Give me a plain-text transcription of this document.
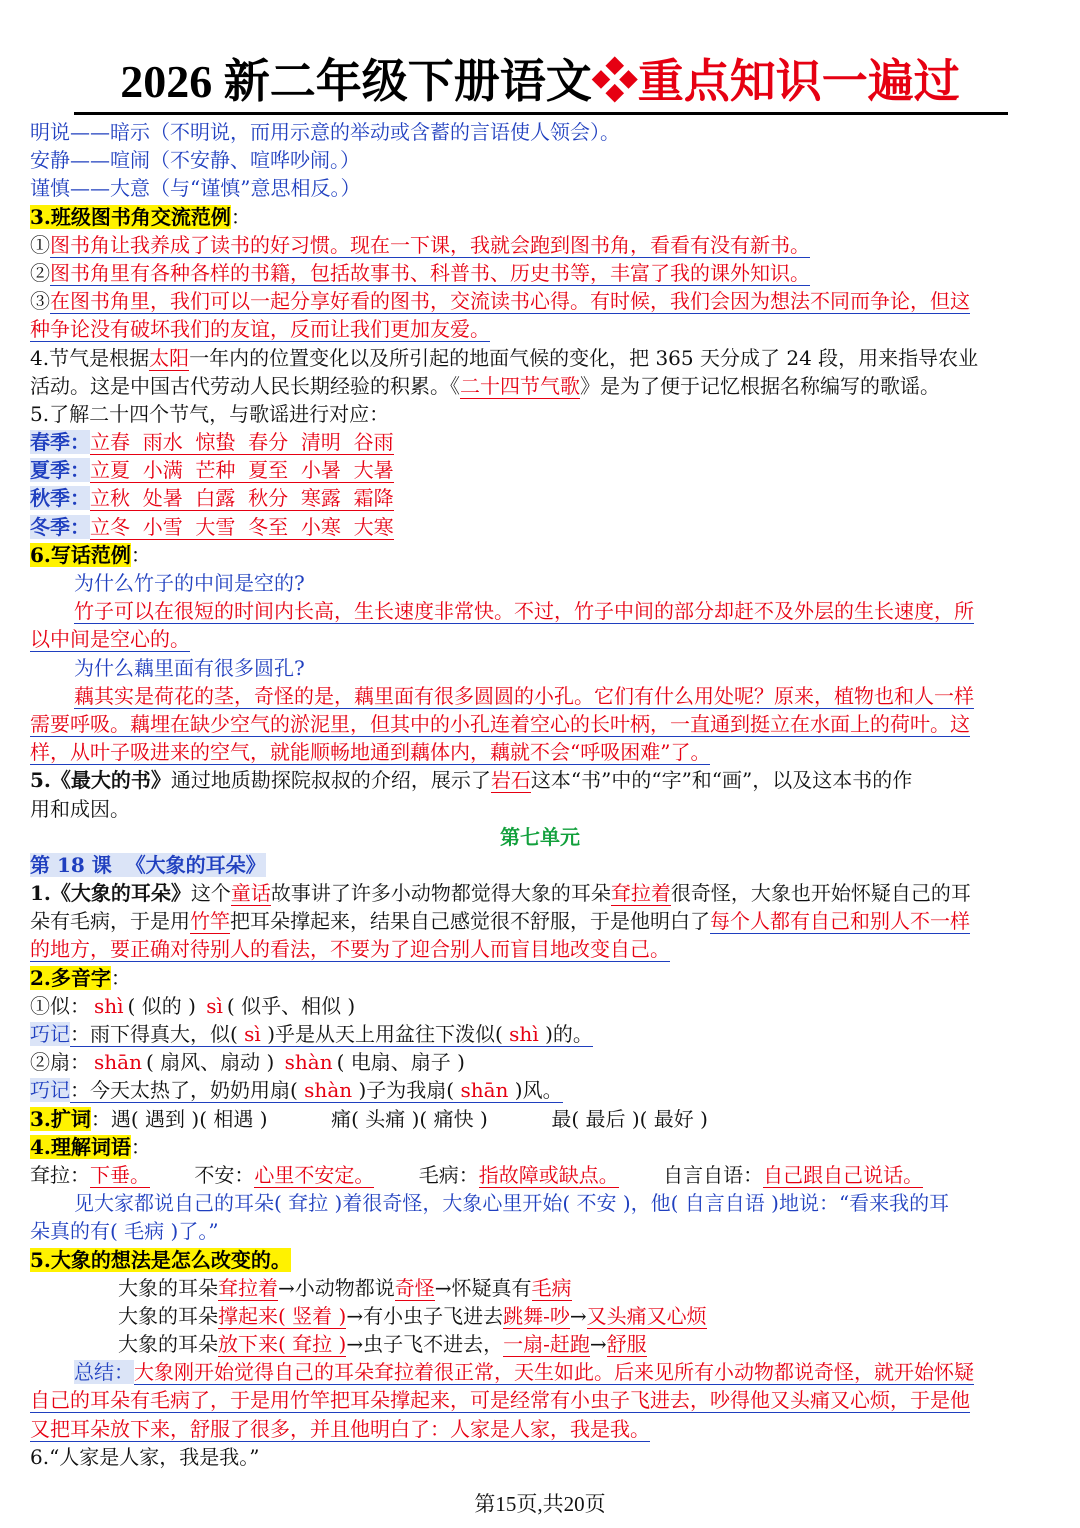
2026 新二年级下册语文❖重点知识一遍过
明说——暗示（不明说，而用示意的举动或含蓄的言语使人领会）。
安静——喧闹（不安静、喧哗吵闹。）
谨慎——大意（与“谨慎”意思相反。）
3.班级图书角交流范例：
①图书角让我养成了读书的好习惯。现在一下课，我就会跑到图书角，看看有没有新书。
②图书角里有各种各样的书籍，包括故事书、科普书、历史书等，丰富了我的课外知识。
③在图书角里，我们可以一起分享好看的图书，交流读书心得。有时候，我们会因为想法不同而争论，但这
种争论没有破坏我们的友谊，反而让我们更加友爱。
4.节气是根据太阳一年内的位置变化以及所引起的地面气候的变化，把 365 天分成了 24 段，用来指导农业
活动。这是中国古代劳动人民长期经验的积累。《二十四节气歌》是为了便于记忆根据名称编写的歌谣。
5.了解二十四个节气，与歌谣进行对应：
春季：立春  雨水  惊蛰  春分  清明  谷雨
夏季：立夏  小满  芒种  夏至  小暑  大暑
秋季：立秋  处暑  白露  秋分  寒露  霜降
冬季：立冬  小雪  大雪  冬至  小寒  大寒
6.写话范例：
为什么竹子的中间是空的?
竹子可以在很短的时间内长高，生长速度非常快。不过，竹子中间的部分却赶不及外层的生长速度，所
以中间是空心的。
为什么藕里面有很多圆孔?
藕其实是荷花的茎，奇怪的是，藕里面有很多圆圆的小孔。它们有什么用处呢？原来，植物也和人一样
需要呼吸。藕埋在缺少空气的淤泥里，但其中的小孔连着空心的长叶柄，一直通到挺立在水面上的荷叶。这
样，从叶子吸进来的空气，就能顺畅地通到藕体内，藕就不会“呼吸困难”了。
5.《最大的书》通过地质勘探院叔叔的介绍，展示了岩石这本“书”中的“字”和“画”，以及这本书的作
用和成因。
第七单元
第 18 课  《大象的耳朵》
1.《大象的耳朵》这个童话故事讲了许多小动物都觉得大象的耳朵耷拉着很奇怪，大象也开始怀疑自己的耳
朵有毛病，于是用竹竿把耳朵撑起来，结果自己感觉很不舒服，于是他明白了每个人都有自己和别人不一样
的地方，要正确对待别人的看法，不要为了迎合别人而盲目地改变自己。
2.多音字：
①似： shì ( 似的 ) sì ( 似乎、相似 )
巧记：雨下得真大，似( sì )乎是从天上用盆往下泼似( shì )的。
②扇： shān ( 扇风、扇动 ) shàn ( 电扇、扇子 )
巧记：今天太热了，奶奶用扇( shàn )子为我扇( shān )风。
3.扩词：遇( 遇到 )( 相遇 )          痛( 头痛 )( 痛快 )          最( 最后 )( 最好 )
4.理解词语：
耷拉：下垂。 不安：心里不安定。 毛病：指故障或缺点。 自言自语：自己跟自己说话。
见大家都说自己的耳朵( 耷拉 )着很奇怪，大象心里开始( 不安 )，他( 自言自语 )地说：“看来我的耳
朵真的有( 毛病 )了。”
5.大象的想法是怎么改变的。
大象的耳朵耷拉着→小动物都说奇怪→怀疑真有毛病
大象的耳朵撑起来( 竖着 )→有小虫子飞进去跳舞-吵→又头痛又心烦
大象的耳朵放下来( 耷拉 )→虫子飞不进去，一扇-赶跑→舒服
总结：大象刚开始觉得自己的耳朵耷拉着很正常，天生如此。后来见所有小动物都说奇怪，就开始怀疑
自己的耳朵有毛病了，于是用竹竿把耳朵撑起来，可是经常有小虫子飞进去，吵得他又头痛又心烦，于是他
又把耳朵放下来，舒服了很多，并且他明白了：人家是人家，我是我。
6.“人家是人家，我是我。”
第15页,共20页
